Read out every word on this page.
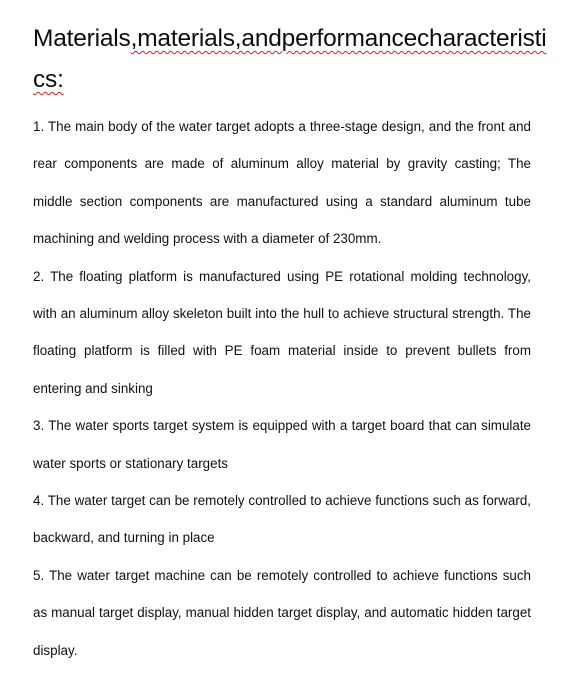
Materials,materials,andperformancecharacteristi
cs:

1. The main body of the water target adopts a three-stage design, and the front and rear components are made of aluminum alloy material by gravity casting; The middle section components are manufactured using a standard aluminum tube machining and welding process with a diameter of 230mm.

2. The floating platform is manufactured using PE rotational molding technology, with an aluminum alloy skeleton built into the hull to achieve structural strength. The floating platform is filled with PE foam material inside to prevent bullets from entering and sinking

3. The water sports target system is equipped with a target board that can simulate water sports or stationary targets

4. The water target can be remotely controlled to achieve functions such as forward, backward, and turning in place

5. The water target machine can be remotely controlled to achieve functions such as manual target display, manual hidden target display, and automatic hidden target display.
